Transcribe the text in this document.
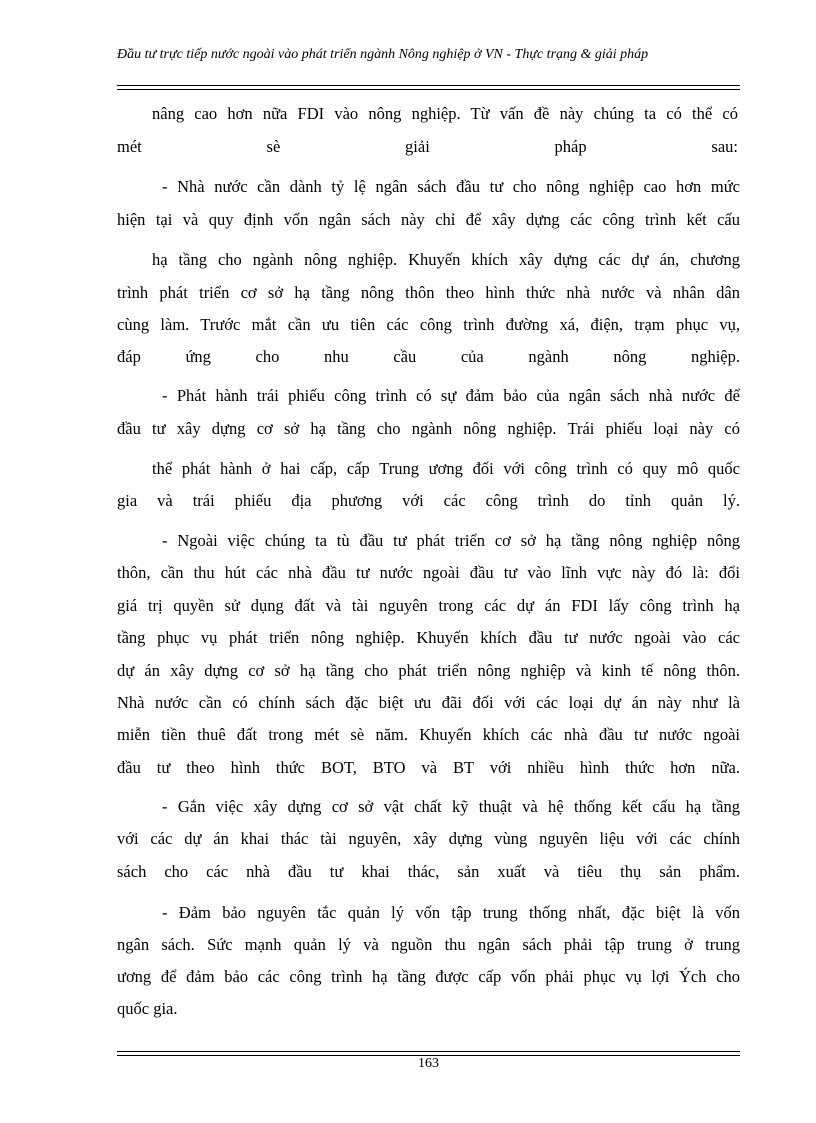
Đầu tư trực tiếp nước ngoài vào phát triển ngành Nông nghiệp ở VN - Thực trạng & giải pháp

nâng cao hơn nữa FDI vào nông nghiệp. Từ vấn đề này chúng ta có thể có

mét sè giải pháp sau:

- Nhà nước cần dành tỷ lệ ngân sách đầu tư cho nông nghiệp cao hơn mức

hiện tại và quy định vốn ngân sách này chỉ để xây dựng các công trình kết cấu

hạ tầng cho ngành nông nghiệp. Khuyến khích xây dựng các dự án, chương

trình phát triển cơ sở hạ tầng nông thôn theo hình thức nhà nước và nhân dân

cùng làm. Trước mắt cần ưu tiên các công trình đường xá, điện, trạm phục vụ,

đáp ứng cho nhu cầu của ngành nông nghiệp.

- Phát hành trái phiếu công trình có sự đảm bảo của ngân sách nhà nước để

đầu tư xây dựng cơ sở hạ tầng cho ngành nông nghiệp. Trái phiếu loại này có

thể phát hành ở hai cấp, cấp Trung ương đối với công trình có quy mô quốc

gia và trái phiếu địa phương với các công trình do tỉnh quản lý.

- Ngoài việc chúng ta tù đầu tư phát triển cơ sở hạ tầng nông nghiệp nông

thôn, cần thu hút các nhà đầu tư nước ngoài đầu tư vào lĩnh vực này đó là: đổi

giá trị quyền sử dụng đất và tài nguyên trong các dự án FDI lấy công trình hạ

tầng phục vụ phát triển nông nghiệp. Khuyến khích đầu tư nước ngoài vào các

dự án xây dựng cơ sở hạ tầng cho phát triển nông nghiệp và kinh tế nông thôn.

Nhà nước cần có chính sách đặc biệt ưu đãi đối với các loại dự án này như là

miễn tiền thuê đất trong mét sè năm. Khuyến khích các nhà đầu tư nước ngoài

đầu tư theo hình thức BOT, BTO và BT với nhiều hình thức hơn nữa.

- Gắn việc xây dựng cơ sở vật chất kỹ thuật và hệ thống kết cấu hạ tầng

với các dự án khai thác tài nguyên, xây dựng vùng nguyên liệu với các chính

sách cho các nhà đầu tư khai thác, sản xuất và tiêu thụ sản phẩm.

- Đảm bảo nguyên tắc quản lý vốn tập trung thống nhất, đặc biệt là vốn

ngân sách. Sức mạnh quản lý và nguồn thu ngân sách phải tập trung ở trung

ương để đảm bảo các công trình hạ tầng được cấp vốn phải phục vụ lợi Ých cho

quốc gia.

163
